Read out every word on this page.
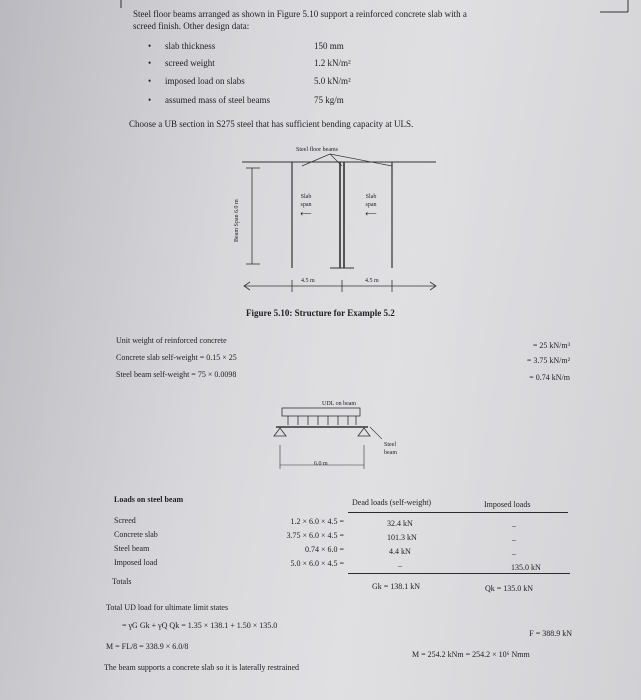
Steel floor beams arranged as shown in Figure 5.10 support a reinforced concrete slab with a
screed finish. Other design data:
• slab thickness	150 mm
• screed weight	1.2 kN/m²
• imposed load on slabs	5.0 kN/m²
• assumed mass of steel beams	75 kg/m
Choose a UB section in S275 steel that has sufficient bending capacity at ULS.
Steel floor beams
Slab
span
⟵
Slab
span
⟵
Beam Span 6.0 m
4.5 m	4.5 m
Figure 5.10: Structure for Example 5.2
Unit weight of reinforced concrete
= 25 kN/m³
Concrete slab self-weight = 0.15 × 25	= 3.75 kN/m²
Steel beam self-weight = 75 × 0.0098	= 0.74 kN/m
UDL on beam
Steel
beam
6.0 m
Loads on steel beam	Dead loads (self-weight)	Imposed loads
Screed	1.2 × 6.0 × 4.5 =	32.4 kN	–
Concrete slab	3.75 × 6.0 × 4.5 =	101.3 kN	–
Steel beam	0.74 × 6.0 =	4.4 kN	–
Imposed load	5.0 × 6.0 × 4.5 =	–	135.0 kN
Totals
Gk = 138.1 kN	Qk = 135.0 kN
Total UD load for ultimate limit states
= γG Gk + γQ Qk = 1.35 × 138.1 + 1.50 × 135.0
F = 388.9 kN
M = FL/8 = 338.9 × 6.0/8
M = 254.2 kNm = 254.2 × 10⁶ Nmm
The beam supports a concrete slab so it is laterally restrained
